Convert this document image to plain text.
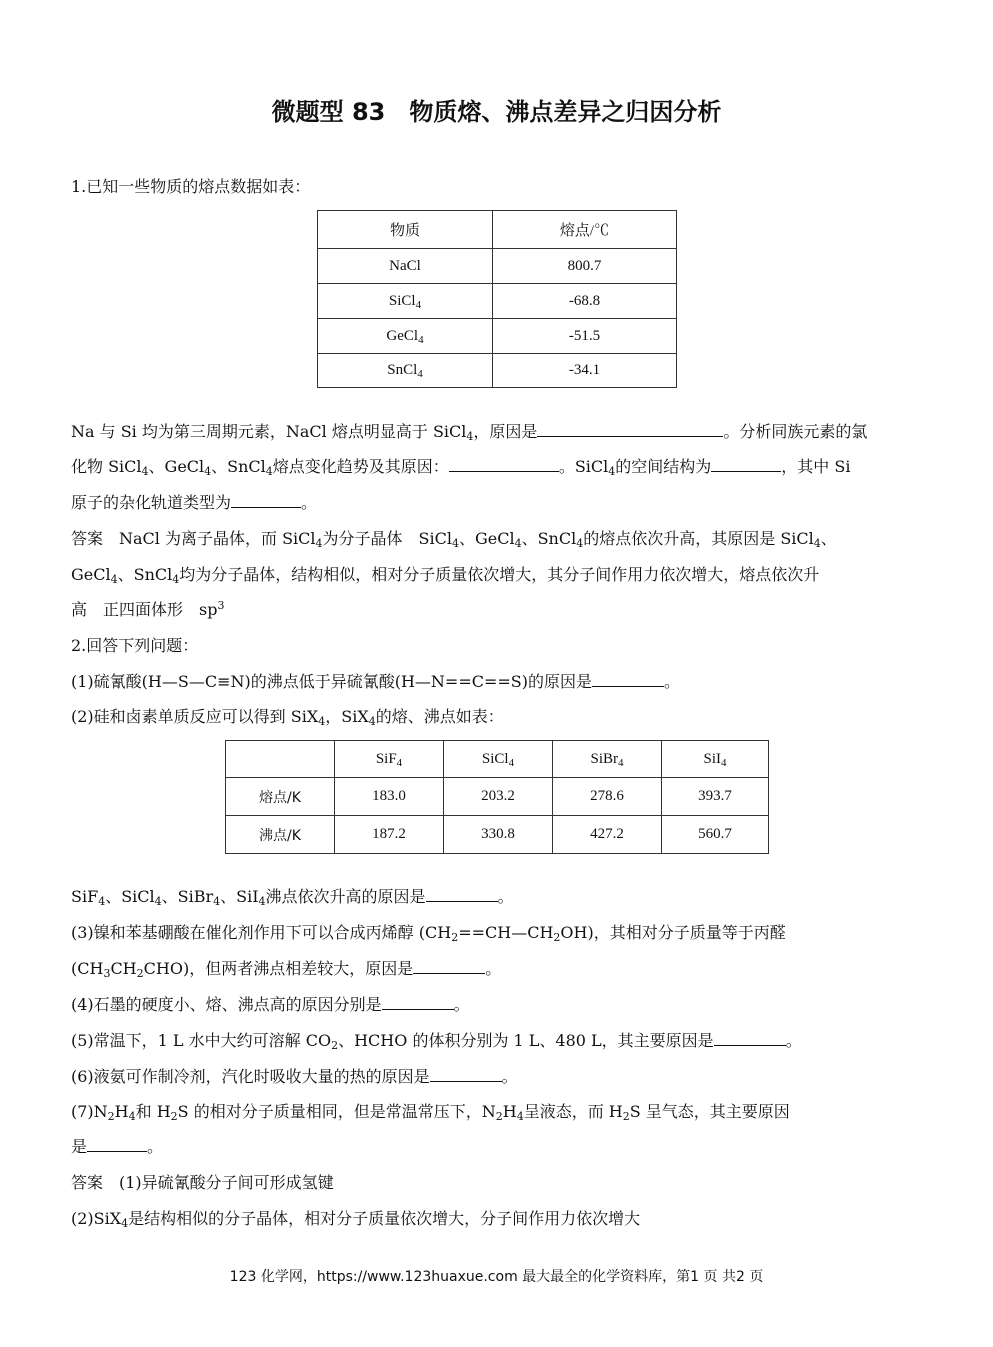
微题型 83　物质熔、沸点差异之归因分析
1.已知一些物质的熔点数据如表：
物质	熔点/℃
NaCl	800.7
SiCl$_4$	-68.8
GeCl$_4$	-51.5
SnCl$_4$	-34.1
Na 与 Si 均为第三周期元素，NaCl 熔点明显高于 SiCl$_4$，原因是	。分析同族元素的氯
化物 SiCl$_4$、GeCl$_4$、SnCl$_4$熔点变化趋势及其原因：	。SiCl$_4$的空间结构为	，其中 Si
原子的杂化轨道类型为	。
答案　NaCl 为离子晶体，而 SiCl$_4$为分子晶体　SiCl$_4$、GeCl$_4$、SnCl$_4$的熔点依次升高，其原因是 SiCl$_4$、
GeCl$_4$、SnCl$_4$均为分子晶体，结构相似，相对分子质量依次增大，其分子间作用力依次增大，熔点依次升
高　正四面体形　$sp^3$
2.回答下列问题：
(1)硫氰酸(H—S—C≡N)的沸点低于异硫氰酸(H—N==C==S)的原因是	。
(2)硅和卤素单质反应可以得到 SiX$_4$，SiX$_4$的熔、沸点如表：
	SiF$_4$	SiCl$_4$	SiBr$_4$	SiI$_4$
熔点/K	183.0	203.2	278.6	393.7
沸点/K	187.2	330.8	427.2	560.7
SiF$_4$、SiCl$_4$、SiBr$_4$、SiI$_4$沸点依次升高的原因是	。
(3)镍和苯基硼酸在催化剂作用下可以合成丙烯醇 $(CH_2==CH—CH_2OH)$，其相对分子质量等于丙醛
$(CH_3CH_2CHO)$，但两者沸点相差较大，原因是	。
(4)石墨的硬度小、熔、沸点高的原因分别是	。
(5)常温下，1 L 水中大约可溶解 $CO_2$、HCHO 的体积分别为 1 L、480 L，其主要原因是	。
(6)液氨可作制冷剂，汽化时吸收大量的热的原因是	。
$(7)N_2H_4$和 $H_2S$ 的相对分子质量相同，但是常温常压下，$N_2H_4$呈液态，而 $H_2S$ 呈气态，其主要原因
是	。
答案　(1)异硫氰酸分子间可形成氢键
(2)SiX$_4$是结构相似的分子晶体，相对分子质量依次增大，分子间作用力依次增大
123 化学网，https://www.123huaxue.com 最大最全的化学资料库，第1 页 共2 页
